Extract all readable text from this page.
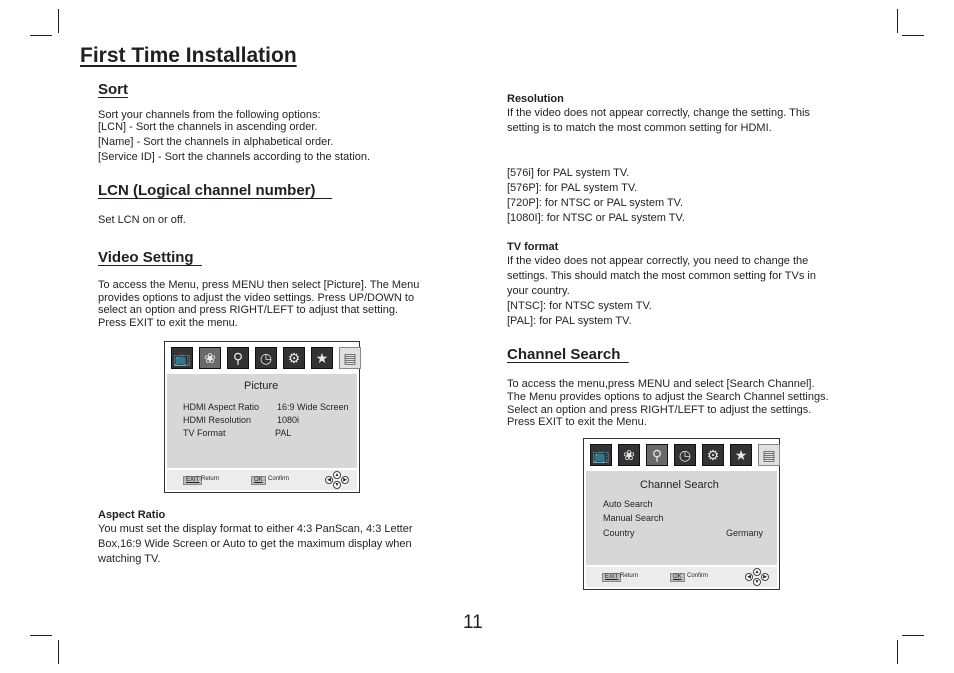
First Time Installation
Sort
Sort your channels from the following options:
[LCN] - Sort the channels in ascending order.
[Name] - Sort the channels in alphabetical order.
[Service ID] - Sort the channels according to the station.
LCN (Logical channel number)
Set LCN on or off.
Video Setting
To access the Menu, press MENU then select [Picture]. The Menu
provides options to adjust the video settings. Press UP/DOWN to
select an option and press RIGHT/LEFT to adjust that setting.
Press EXIT to exit the menu.
📺 ❀	⚲	◷	⚙	★	▤
Picture
HDMI Aspect Ratio 16:9 Wide Screen
HDMI Resolution	1080i
TV Format	PAL
EXIT Return	OK Confirm
▲
◀	▶
▼
Aspect Ratio
You must set the display format to either 4:3 PanScan, 4:3 Letter
Box,16:9 Wide Screen or Auto to get the maximum display when
watching TV.
Resolution
If the video does not appear correctly, change the setting. This
setting is to match the most common setting for HDMI.
[576i] for PAL system TV.
[576P]: for PAL system TV.
[720P]: for NTSC or PAL system TV.
[1080I]: for NTSC or PAL system TV.
TV format
If the video does not appear correctly, you need to change the
settings. This should match the most common setting for TVs in
your country.
[NTSC]: for NTSC system TV.
[PAL]: for PAL system TV.
Channel Search
To access the menu,press MENU and select [Search Channel].
The Menu provides options to adjust the Search Channel settings.
Select an option and press RIGHT/LEFT to adjust the settings.
Press EXIT to exit the Menu.
📺 ❀	⚲	◷	⚙	★	▤
Channel Search
Auto Search
Manual Search
Country	Germany
EXIT Return	OK Confirm
▲
◀	▶
▼
11
